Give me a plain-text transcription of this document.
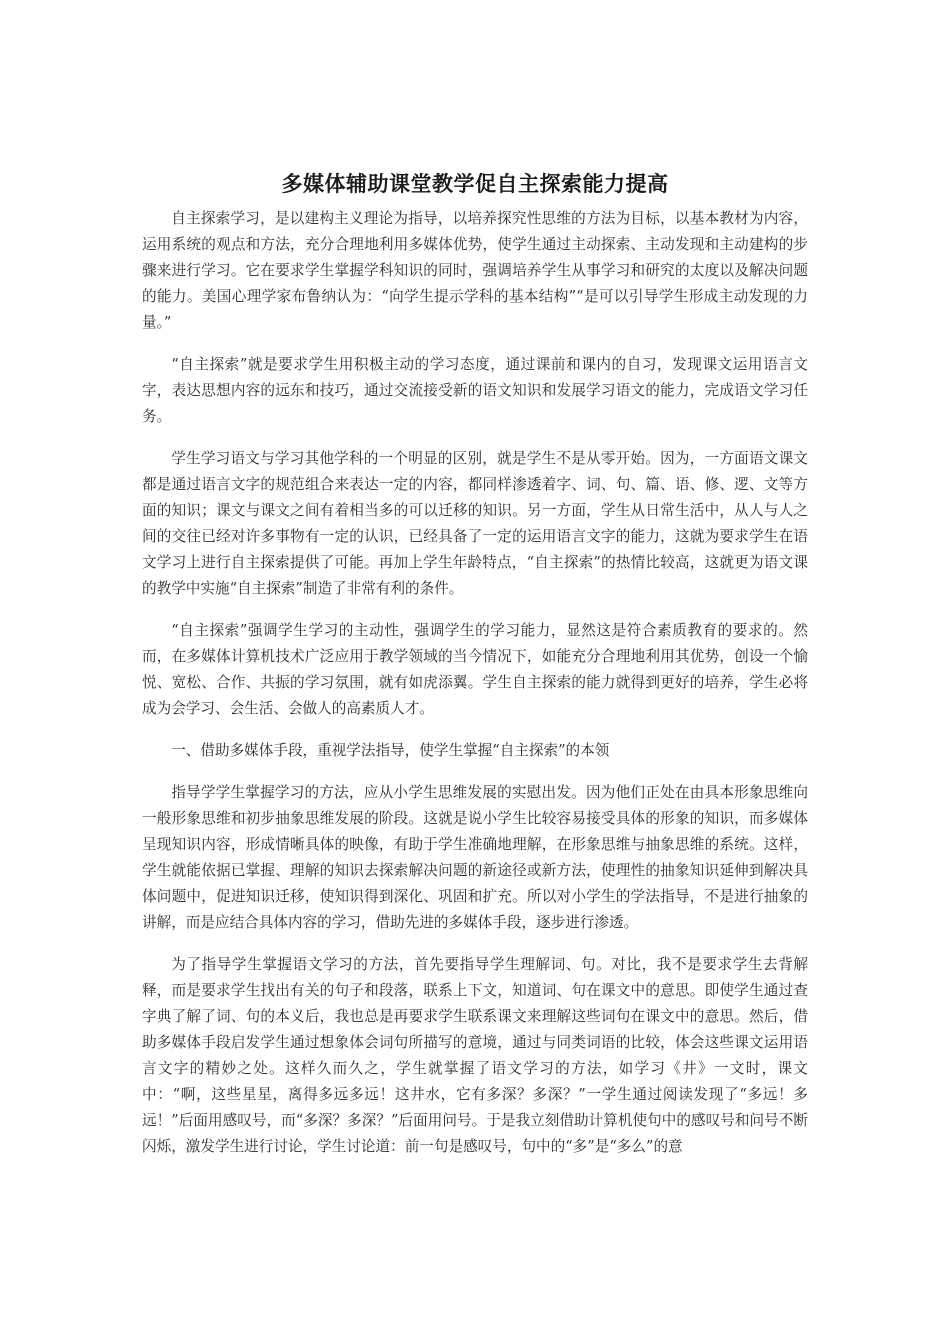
多媒体辅助课堂教学促自主探索能力提高

自主探索学习，是以建构主义理论为指导，以培养探究性思维的方法为目标，以基本教材为内容，运用系统的观点和方法，充分合理地利用多媒体优势，使学生通过主动探索、主动发现和主动建构的步骤来进行学习。它在要求学生掌握学科知识的同时，强调培养学生从事学习和研究的太度以及解决问题的能力。美国心理学家布鲁纳认为：“向学生提示学科的基本结构”“是可以引导学生形成主动发现的力量。”

“自主探索”就是要求学生用积极主动的学习态度，通过课前和课内的自习，发现课文运用语言文字，表达思想内容的远东和技巧，通过交流接受新的语文知识和发展学习语文的能力，完成语文学习任务。

学生学习语文与学习其他学科的一个明显的区别，就是学生不是从零开始。因为，一方面语文课文都是通过语言文字的规范组合来表达一定的内容，都同样渗透着字、词、句、篇、语、修、逻、文等方面的知识；课文与课文之间有着相当多的可以迁移的知识。另一方面，学生从日常生活中，从人与人之间的交往已经对许多事物有一定的认识，已经具备了一定的运用语言文字的能力，这就为要求学生在语文学习上进行自主探索提供了可能。再加上学生年龄特点，“自主探索”的热情比较高，这就更为语文课的教学中实施“自主探索”制造了非常有利的条件。

“自主探索”强调学生学习的主动性，强调学生的学习能力，显然这是符合素质教育的要求的。然而，在多媒体计算机技术广泛应用于教学领域的当今情况下，如能充分合理地利用其优势，创设一个愉悦、宽松、合作、共振的学习氛围，就有如虎添翼。学生自主探索的能力就得到更好的培养，学生必将成为会学习、会生活、会做人的高素质人才。

一、借助多媒体手段，重视学法指导，使学生掌握“自主探索”的本领

指导学学生掌握学习的方法，应从小学生思维发展的实慰出发。因为他们正处在由具本形象思维向一般形象思维和初步抽象思维发展的阶段。这就是说小学生比较容易接受具体的形象的知识，而多媒体呈现知识内容，形成情晰具体的映像，有助于学生准确地理解，在形象思维与抽象思维的系统。这样，学生就能依据已掌握、理解的知识去探索解决问题的新途径或新方法，使理性的抽象知识延伸到解决具体问题中，促进知识迁移，使知识得到深化、巩固和扩充。所以对小学生的学法指导，不是进行抽象的讲解，而是应结合具体内容的学习，借助先进的多媒体手段，逐步进行渗透。

为了指导学生掌握语文学习的方法，首先要指导学生理解词、句。对比，我不是要求学生去背解释，而是要求学生找出有关的句子和段落，联系上下文，知道词、句在课文中的意思。即使学生通过查字典了解了词、句的本义后，我也总是再要求学生联系课文来理解这些词句在课文中的意思。然后，借助多媒体手段启发学生通过想象体会词句所描写的意境，通过与同类词语的比较，体会这些课文运用语言文字的精妙之处。这样久而久之，学生就掌握了语文学习的方法，如学习《井》一文时，课文中：“啊，这些星星，离得多远多远！这井水，它有多深？多深？”一学生通过阅读发现了“多远！多远！”后面用感叹号，而“多深？多深？”后面用问号。于是我立刻借助计算机使句中的感叹号和问号不断闪烁，激发学生进行讨论，学生讨论道：前一句是感叹号，句中的“多”是“多么”的意
